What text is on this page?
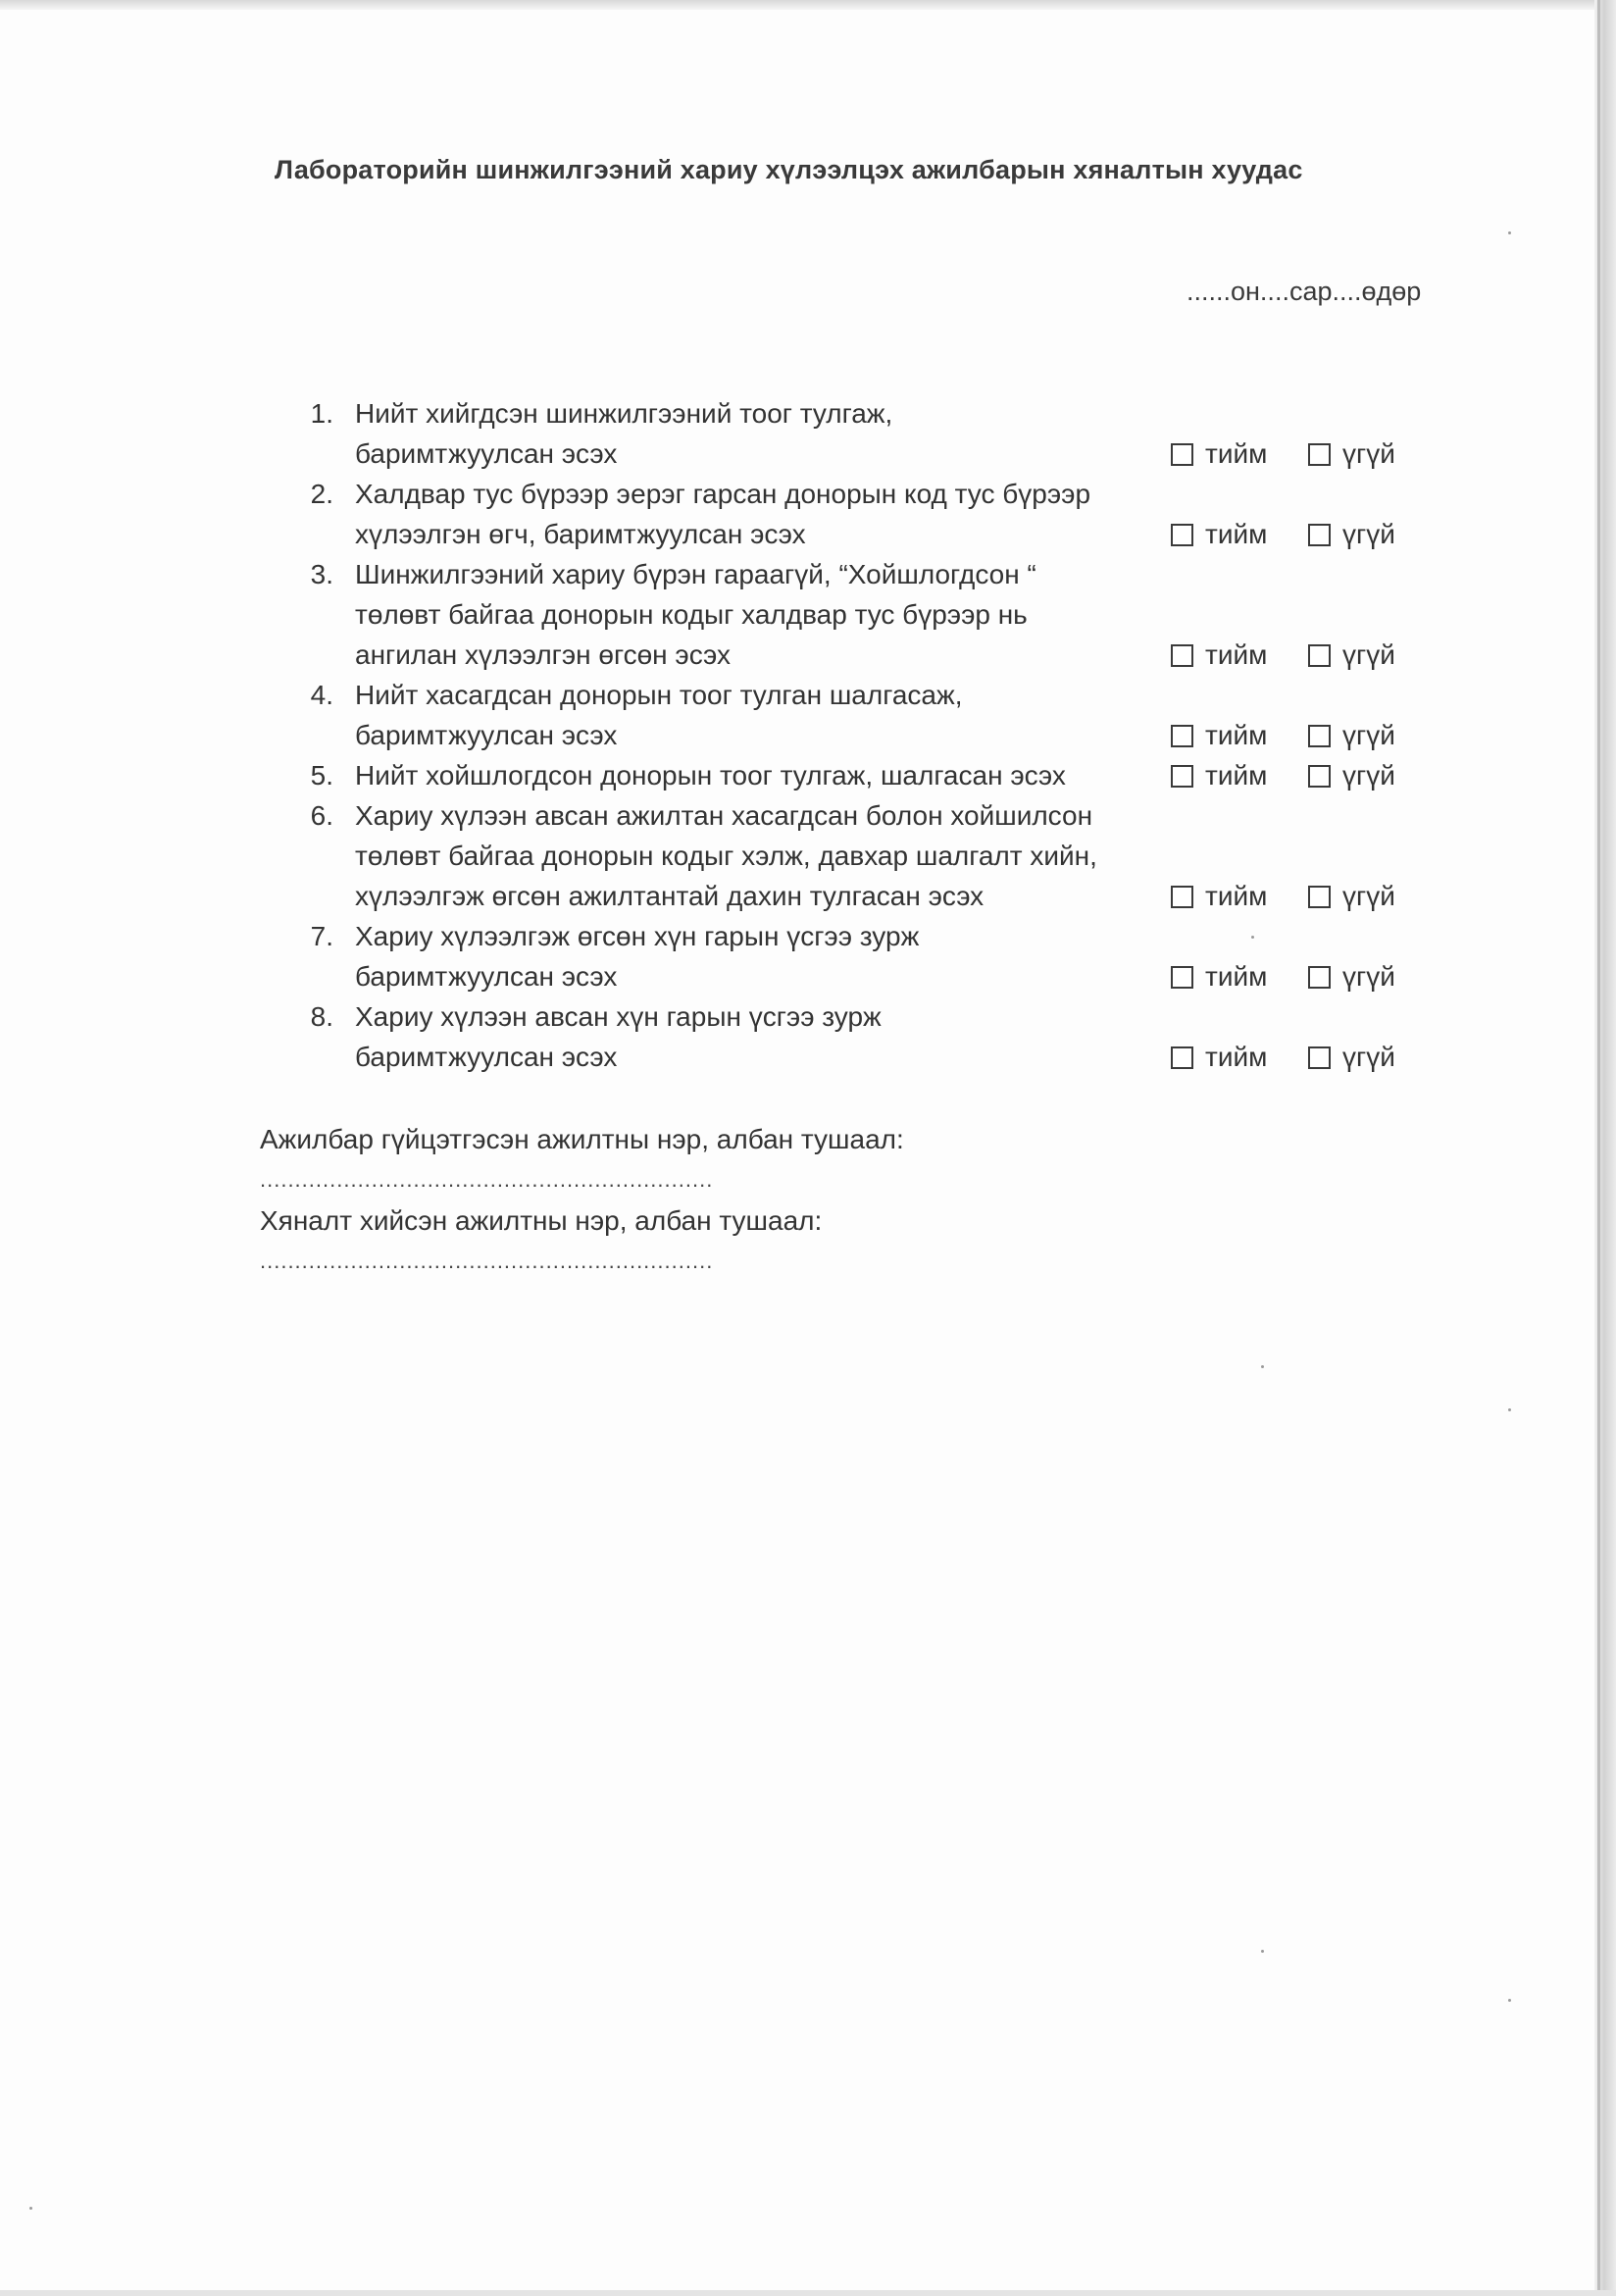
Лабораторийн шинжилгээний хариу хүлээлцэх ажилбарын хяналтын хуудас
......он....сар....өдөр
1. Нийт хийгдсэн шинжилгээний тоог тулгаж,
баримтжуулсан эсэх	тийм	үгүй
2. Халдвар тус бүрээр эерэг гарсан донорын код тус бүрээр
хүлээлгэн өгч, баримтжуулсан эсэх	тийм	үгүй
3. Шинжилгээний хариу бүрэн гараагүй, “Хойшлогдсон “
төлөвт байгаа донорын кодыг халдвар тус бүрээр нь
ангилан хүлээлгэн өгсөн эсэх	тийм	үгүй
4. Нийт хасагдсан донорын тоог тулган шалгасаж,
баримтжуулсан эсэх	тийм	үгүй
5. Нийт хойшлогдсон донорын тоог тулгаж, шалгасан эсэх	тийм	үгүй
6. Хариу хүлээн авсан ажилтан хасагдсан болон хойшилсон
төлөвт байгаа донорын кодыг хэлж, давхар шалгалт хийн,
хүлээлгэж өгсөн ажилтантай дахин тулгасан эсэх	тийм	үгүй
7. Хариу хүлээлгэж өгсөн хүн гарын үсгээ зурж
баримтжуулсан эсэх	тийм	үгүй
8. Хариу хүлээн авсан хүн гарын үсгээ зурж
баримтжуулсан эсэх	тийм	үгүй
Ажилбар гүйцэтгэсэн ажилтны нэр, албан тушаал:
.................................................................
Хяналт хийсэн ажилтны нэр, албан тушаал:
.................................................................
